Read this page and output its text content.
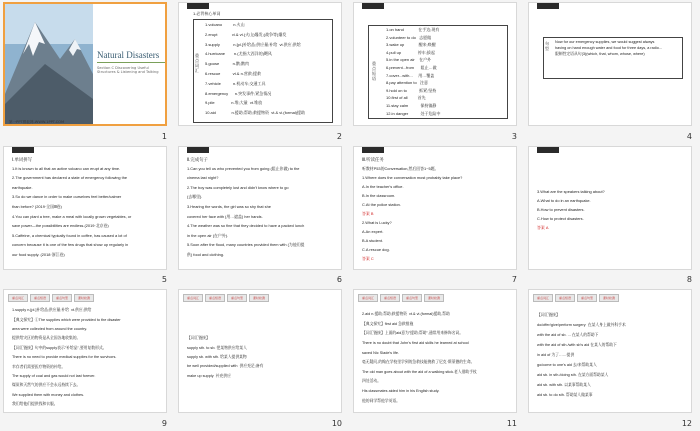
Natural Disasters
Section C Discovering Useful Structures & Listening and Talking
第一PPT模板网-WWW.1PPT.COM
1
1.必背核心单词
重点词汇
1.volcano          n.火山
2.erupt             vi.& vt.(火山)爆发;(战争等)爆发
3.supply            n.[pl.]补给品;供应量;补给  vt.供应;供给
4.hurricane        n.(尤指大西洋的)飓风
5.goose            n.鹅;鹅肉
6.rescue           vt.& n.营救;援救
7.vehicle           n.机动车;交通工具
8.emergency      n.突发事件;紧急情况
9.pile               n.堆;大量  vt.堆放
10.aid              n.援助;帮助;救援物资  vt.& vi.(formal)援助
2
重点短语
1.on hand             在手边;现有
2.volunteer to do   志愿做
3.wake up             醒来;唤醒
4.pull up               停车;拔起
5.in the open air    在户外
6.prevent...from      阻止…做
7.cover...with...     用…覆盖
8.pay attention to   注意
9.hold on to           抓紧;坚持
10.first of all         首先
11.stay calm           保持镇静
12.in danger           处于危险中
3
句型
Now for our emergency supplies, we would suggest always
having on hand enough water and food for three days, a radio...
限制性定语从句(3)(which, that, whom, whose, where)
4
Ⅰ.单词拼写
1.It is known to all that an active volcano can erupt at any time.
2.The government has declared a state of emergency following the
earthquake.
3.So do we dance in order to make ourselves feel better/calmer
than before? (2019·全国Ⅲ卷)
4.You can plant a tree, make a meal with locally grown vegetables, or
save power—the possibilities are endless.(2019·北京卷)
5.Caffeine, a chemical typically found in coffee, has caused a lot of
concern because it is one of the few drugs that show up regularly in
our food supply. (2018·浙江卷)
5
Ⅱ.完成句子
1.Can you tell us who prevented you from going (阻止你做) to the
cinema last night?
2.The boy was completely lost and didn't know where to go
(去哪里).
3.Hearing the words, the girl was so shy that she
covered her face with (用…遮盖) her hands.
4.The weather was so fine that they decided to have a packed lunch
in the open air (在户外).
5.Soon after the flood, many countries provided them with (为他们提
供) food and clothing.
6
Ⅲ.听读任务
听教材P53的Conversation,然后回答1~5题。
1.Where does the conversation most probably take place?
A.In the teacher's office.
B.In the classroom.
C.At the police station.
答案 B
2.What is Lucky?
A.An expert.
B.A student.
C.A rescue dog.
答案 C
7
3.What are the speakers talking about?
A.What to do in an earthquake.
B.How to prevent disasters.
C.How to protect disasters.
答案 A
8
重点词汇	重点短语	重点句型	课时检测
1.supply n.[pl.]补给品;供应量;补给  vt.供应;供给
【典文探究】①The supplies which were provided to the disaster
area were collected from around the country.
提供给灾区的物资是从全国各地收集的。
【词汇链接】句中的supply表示"补给品",要用复数形式。
There is no need to provide medical supplies for the survivors.
幸存者们需要医疗物资的补给。
The supply of coal and gas would not last forever.
煤炭和天然气的供应不会永远持续下去。
We supplied them with money and clothes.
我们给他们提供钱和衣服。
9
重点词汇	重点短语	重点句型	课时检测
【词汇链接】
supply sth. to sb. 把某物供应给某人
supply sb. with sth. 给某人提供某物
be well provided/supplied with  供应充足;备有
make up supply  补充供应
10
重点词汇	重点短语	重点句型	课时检测
2.aid n.援助;帮助;救援物资  vt.& vi.(formal)援助,帮助
【典文探究】first aid 急救措施
【词汇链接】上面的aid意为"援助;帮助",通常用来修饰名词。
There is no doubt that John's first aid skills he learned at school
saved Nic Slade's life.
毫无疑问,约翰在学校里学到的急救技能挽救了尼克·斯莱德的生命。
The old man goes about with the aid of a walking stick.老人借助手杖
四处活动。
His classmates aided him in his English study.
他的同学帮他学英语。
11
重点词汇	重点短语	重点句型	课时检测
【词汇链接】
do/offer/give/perform surgery  在某人身上做外科手术
with the aid of sb. ... 在某人的帮助下
with the aid of sth./with sb's aid 在某人的帮助下
in aid of 为了……提供
go/come to one's aid 去/来帮助某人
aid sb. in sth./doing sth. 在某方面帮助某人
aid sb. with sth. 以某事帮助某人
aid sb. to do sth. 帮助某人做某事
12
